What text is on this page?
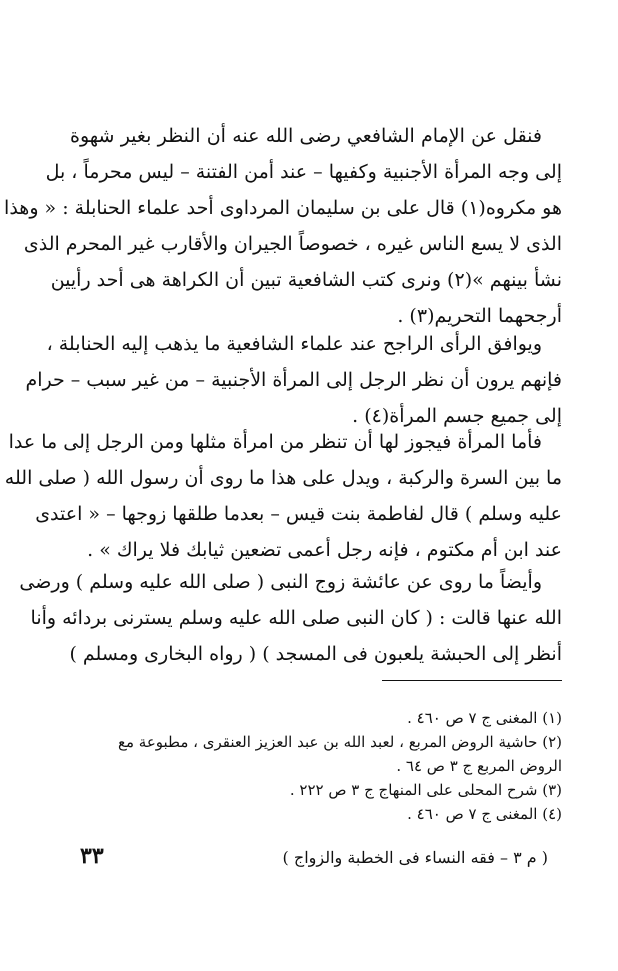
فنقل عن الإمام الشافعي رضى الله عنه أن النظر بغير شهوة
إلى وجه المرأة الأجنبية وكفيها – عند أمن الفتنة – ليس محرماً ، بل
هو مكروه(١) قال على بن سليمان المرداوى أحد علماء الحنابلة : « وهذا
الذى لا يسع الناس غيره ، خصوصاً الجيران والأقارب غير المحرم الذى
نشأ بينهم »(٢) ونرى كتب الشافعية تبين أن الكراهة هى أحد رأيين
أرجحهما التحريم(٣) .
ويوافق الرأى الراجح عند علماء الشافعية ما يذهب إليه الحنابلة ،
فإنهم يرون أن نظر الرجل إلى المرأة الأجنبية – من غير سبب – حرام
إلى جميع جسم المرأة(٤) .
فأما المرأة فيجوز لها أن تنظر من امرأة مثلها ومن الرجل إلى ما عدا
ما بين السرة والركبة ، ويدل على هذا ما روى أن رسول الله ( صلى الله
عليه وسلم ) قال لفاطمة بنت قيس – بعدما طلقها زوجها – « اعتدى
عند ابن أم مكتوم ، فإنه رجل أعمى تضعين ثيابك فلا يراك » .
وأيضاً ما روى عن عائشة زوج النبى ( صلى الله عليه وسلم ) ورضى
الله عنها قالت : ( كان النبى صلى الله عليه وسلم يسترنى بردائه وأنا
أنظر إلى الحبشة يلعبون فى المسجد ) ( رواه البخارى ومسلم )
(١) المغنى ج ٧ ص ٤٦٠ .
(٢) حاشية الروض المربع ، لعبد الله بن عبد العزيز العنقرى ، مطبوعة مع
الروض المربع ج ٣ ص ٦٤ .
(٣) شرح المحلى على المنهاج ج ٣ ص ٢٢٢ .
(٤) المغنى ج ٧ ص ٤٦٠ .
( م ٣ – فقه النساء فى الخطبة والزواج )
٣٣
